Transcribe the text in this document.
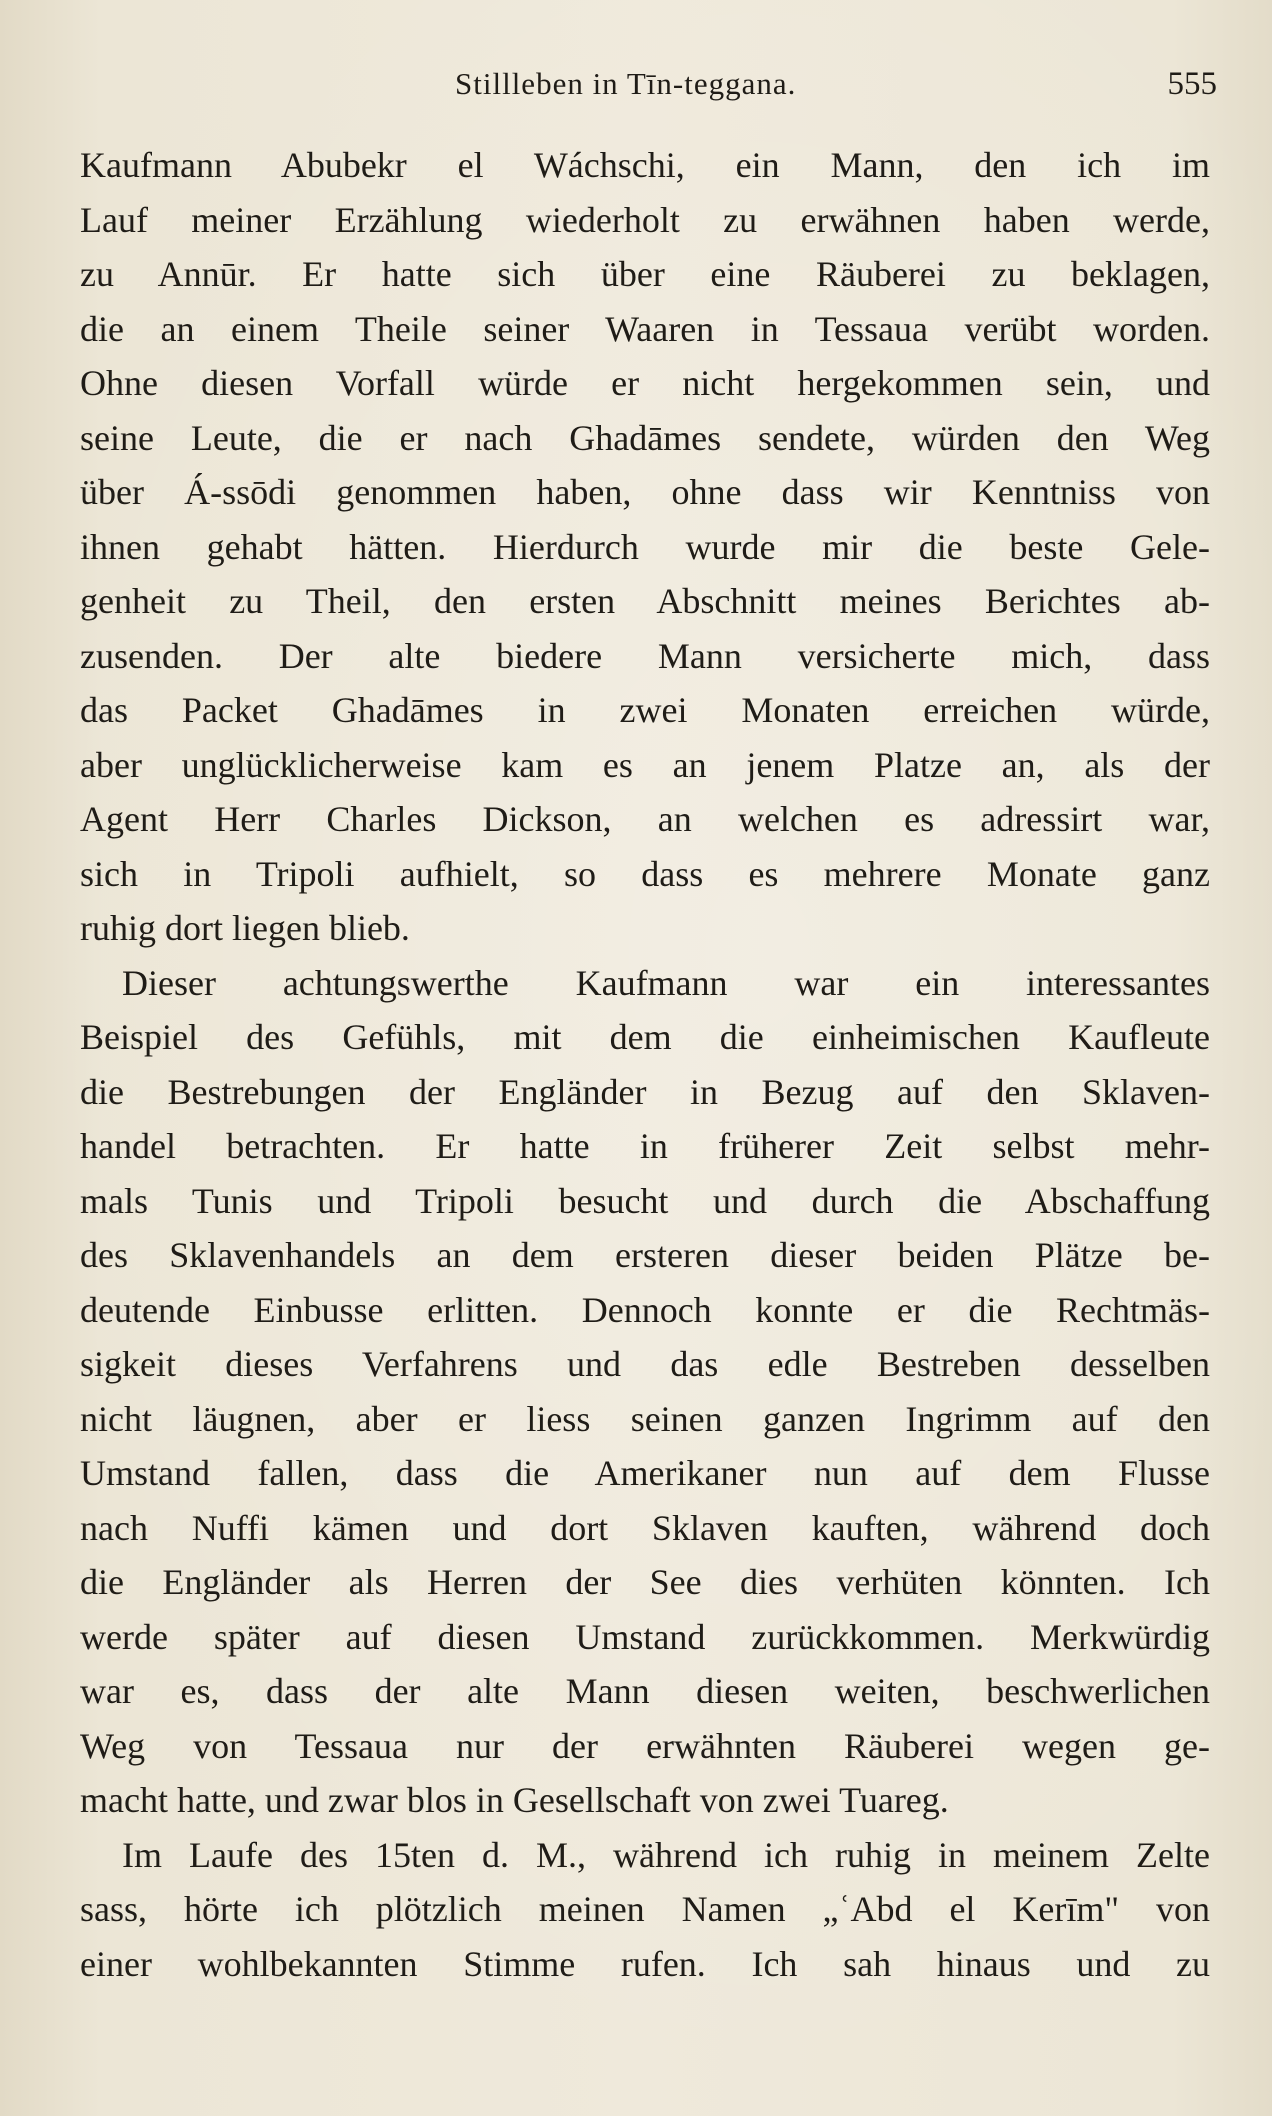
Stillleben in Tīn-teggana.	555
Kaufmann Abubekr el Wáchschi, ein Mann, den ich im
Lauf meiner Erzählung wiederholt zu erwähnen haben werde,
zu Annūr. Er hatte sich über eine Räuberei zu beklagen,
die an einem Theile seiner Waaren in Tessaua verübt worden.
Ohne diesen Vorfall würde er nicht hergekommen sein, und
seine Leute, die er nach Ghadāmes sendete, würden den Weg
über Á-ssōdi genommen haben, ohne dass wir Kenntniss von
ihnen gehabt hätten. Hierdurch wurde mir die beste Gele-
genheit zu Theil, den ersten Abschnitt meines Berichtes ab-
zusenden. Der alte biedere Mann versicherte mich, dass
das Packet Ghadāmes in zwei Monaten erreichen würde,
aber unglücklicherweise kam es an jenem Platze an, als der
Agent Herr Charles Dickson, an welchen es adressirt war,
sich in Tripoli aufhielt, so dass es mehrere Monate ganz
ruhig dort liegen blieb.
Dieser achtungswerthe Kaufmann war ein interessantes
Beispiel des Gefühls, mit dem die einheimischen Kaufleute
die Bestrebungen der Engländer in Bezug auf den Sklaven-
handel betrachten. Er hatte in früherer Zeit selbst mehr-
mals Tunis und Tripoli besucht und durch die Abschaffung
des Sklavenhandels an dem ersteren dieser beiden Plätze be-
deutende Einbusse erlitten. Dennoch konnte er die Rechtmäs-
sigkeit dieses Verfahrens und das edle Bestreben desselben
nicht läugnen, aber er liess seinen ganzen Ingrimm auf den
Umstand fallen, dass die Amerikaner nun auf dem Flusse
nach Nuffi kämen und dort Sklaven kauften, während doch
die Engländer als Herren der See dies verhüten könnten. Ich
werde später auf diesen Umstand zurückkommen. Merkwürdig
war es, dass der alte Mann diesen weiten, beschwerlichen
Weg von Tessaua nur der erwähnten Räuberei wegen ge-
macht hatte, und zwar blos in Gesellschaft von zwei Tuareg.
Im Laufe des 15ten d. M., während ich ruhig in meinem Zelte
sass, hörte ich plötzlich meinen Namen „ʿAbd el Kerīm" von
einer wohlbekannten Stimme rufen. Ich sah hinaus und zu
